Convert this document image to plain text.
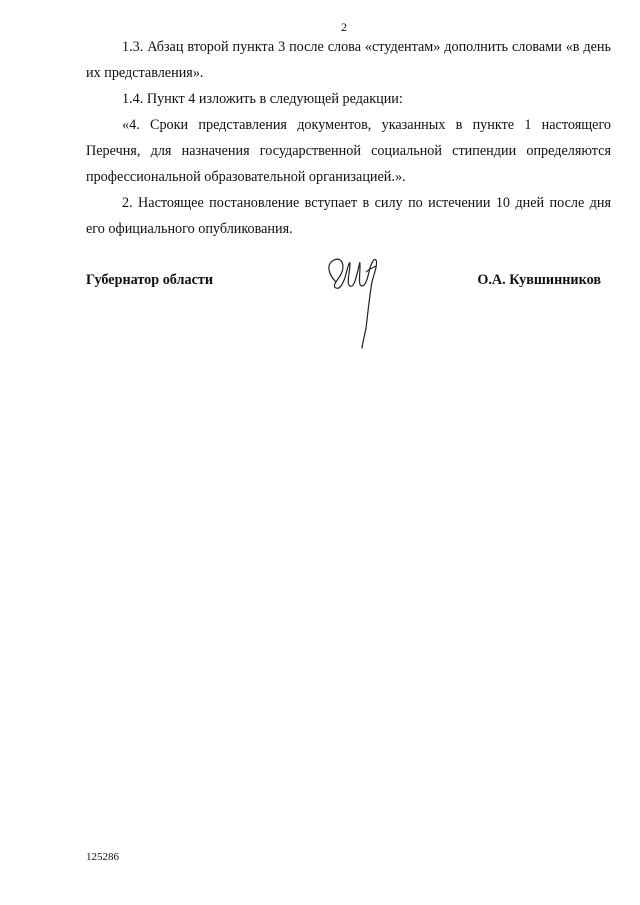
2

1.3. Абзац второй пункта 3 после слова «студентам» дополнить словами «в день их представления».

1.4. Пункт 4 изложить в следующей редакции:

«4. Сроки представления документов, указанных в пункте 1 настоящего Перечня, для назначения государственной социальной стипендии определяются профессиональной образовательной организацией.».

2. Настоящее постановление вступает в силу по истечении 10 дней после дня его официального опубликования.

Губернатор области	О.А. Кувшинников
125286
